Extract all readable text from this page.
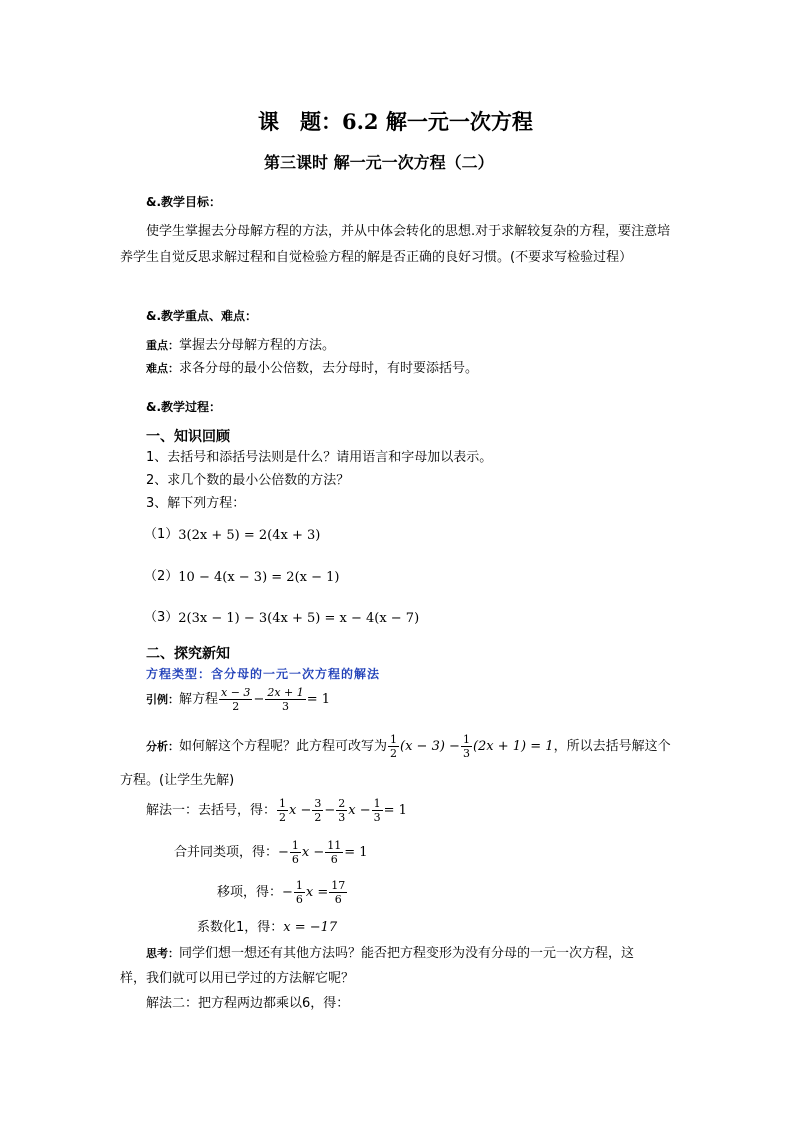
课　题：6.2 解一元一次方程
第三课时 解一元一次方程（二）
&.教学目标：
使学生掌握去分母解方程的方法，并从中体会转化的思想.对于求解较复杂的方程，要注意培养学生自觉反思求解过程和自觉检验方程的解是否正确的良好习惯。(不要求写检验过程）
&.教学重点、难点：
重点： 掌握去分母解方程的方法。
难点： 求各分母的最小公倍数，去分母时，有时要添括号。
&.教学过程：
一、知识回顾
1、去括号和添括号法则是什么？请用语言和字母加以表示。
2、求几个数的最小公倍数的方法？
3、解下列方程：
（1） 3(2x + 5) = 2(4x + 3)
（2） 10 − 4(x − 3) = 2(x − 1)
（3） 2(3x − 1) − 3(4x + 5) = x − 4(x − 7)
二、探究新知
方程类型：含分母的一元一次方程的解法
引例： 解方程 $\frac{x - 3}{2} - \frac{2x + 1}{3} = 1$
分析： 如何解这个方程呢？此方程可改写为 $\frac{1}{2} (x - 3) - \frac{1}{3} (2x + 1) = 1$ ，所以去括号解这个
方程。(让学生先解)
解法一：去括号，得： $\frac{1}{2}$ $x - \frac{3}{2} - \frac{2}{3}$ $x - \frac{1}{3} = 1$
合并同类项，得： − $\frac{1}{6}$ $x - \frac{11}{6} = 1$
移项，得： − $\frac{1}{6}$ $x = \frac{17}{6}$
系数化1，得： x = −17
思考： 同学们想一想还有其他方法吗？能否把方程变形为没有分母的一元一次方程，这
样，我们就可以用已学过的方法解它呢？
解法二：把方程两边都乘以6，得：
